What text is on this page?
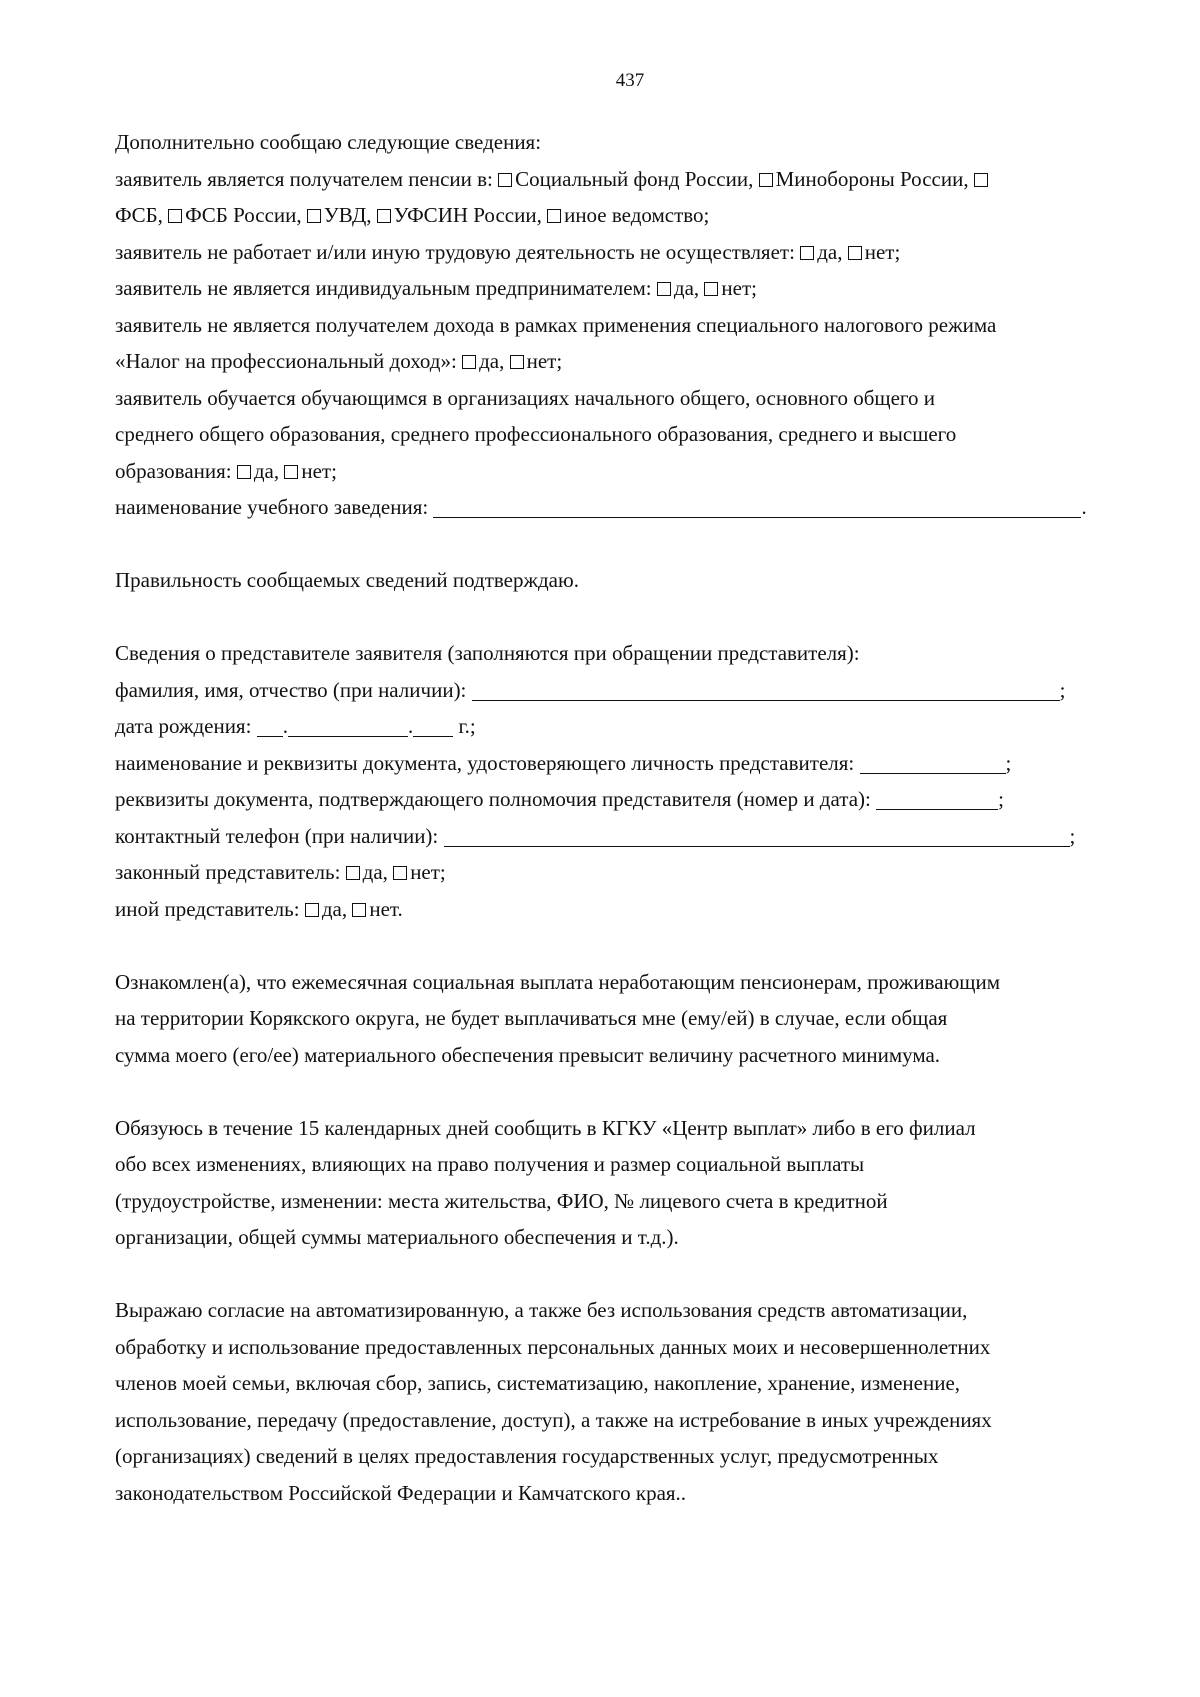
437
Дополнительно сообщаю следующие сведения:
заявитель является получателем пенсии в: Социальный фонд России, Минобороны России,
ФСБ, ФСБ России, УВД, УФСИН России, иное ведомство;
заявитель не работает и/или иную трудовую деятельность не осуществляет: да, нет;
заявитель не является индивидуальным предпринимателем: да, нет;
заявитель не является получателем дохода в рамках применения специального налогового режима
«Налог на профессиональный доход»: да, нет;
заявитель обучается обучающимся в организациях начального общего, основного общего и
среднего общего образования, среднего профессионального образования, среднего и высшего
образования: да, нет;
наименование учебного заведения:	.
Правильность сообщаемых сведений подтверждаю.
Сведения о представителе заявителя (заполняются при обращении представителя):
фамилия, имя, отчество (при наличии):	;
дата рождения: .	. г.;
наименование и реквизиты документа, удостоверяющего личность представителя:	;
реквизиты документа, подтверждающего полномочия представителя (номер и дата):	;
контактный телефон (при наличии):	;
законный представитель: да, нет;
иной представитель: да, нет.
Ознакомлен(а), что ежемесячная социальная выплата неработающим пенсионерам, проживающим
на территории Корякского округа, не будет выплачиваться мне (ему/ей) в случае, если общая
сумма моего (его/ее) материального обеспечения превысит величину расчетного минимума.
Обязуюсь в течение 15 календарных дней сообщить в КГКУ «Центр выплат» либо в его филиал
обо всех изменениях, влияющих на право получения и размер социальной выплаты
(трудоустройстве, изменении: места жительства, ФИО, № лицевого счета в кредитной
организации, общей суммы материального обеспечения и т.д.).
Выражаю согласие на автоматизированную, а также без использования средств автоматизации,
обработку и использование предоставленных персональных данных моих и несовершеннолетних
членов моей семьи, включая сбор, запись, систематизацию, накопление, хранение, изменение,
использование, передачу (предоставление, доступ), а также на истребование в иных учреждениях
(организациях) сведений в целях предоставления государственных услуг, предусмотренных
законодательством Российской Федерации и Камчатского края..
